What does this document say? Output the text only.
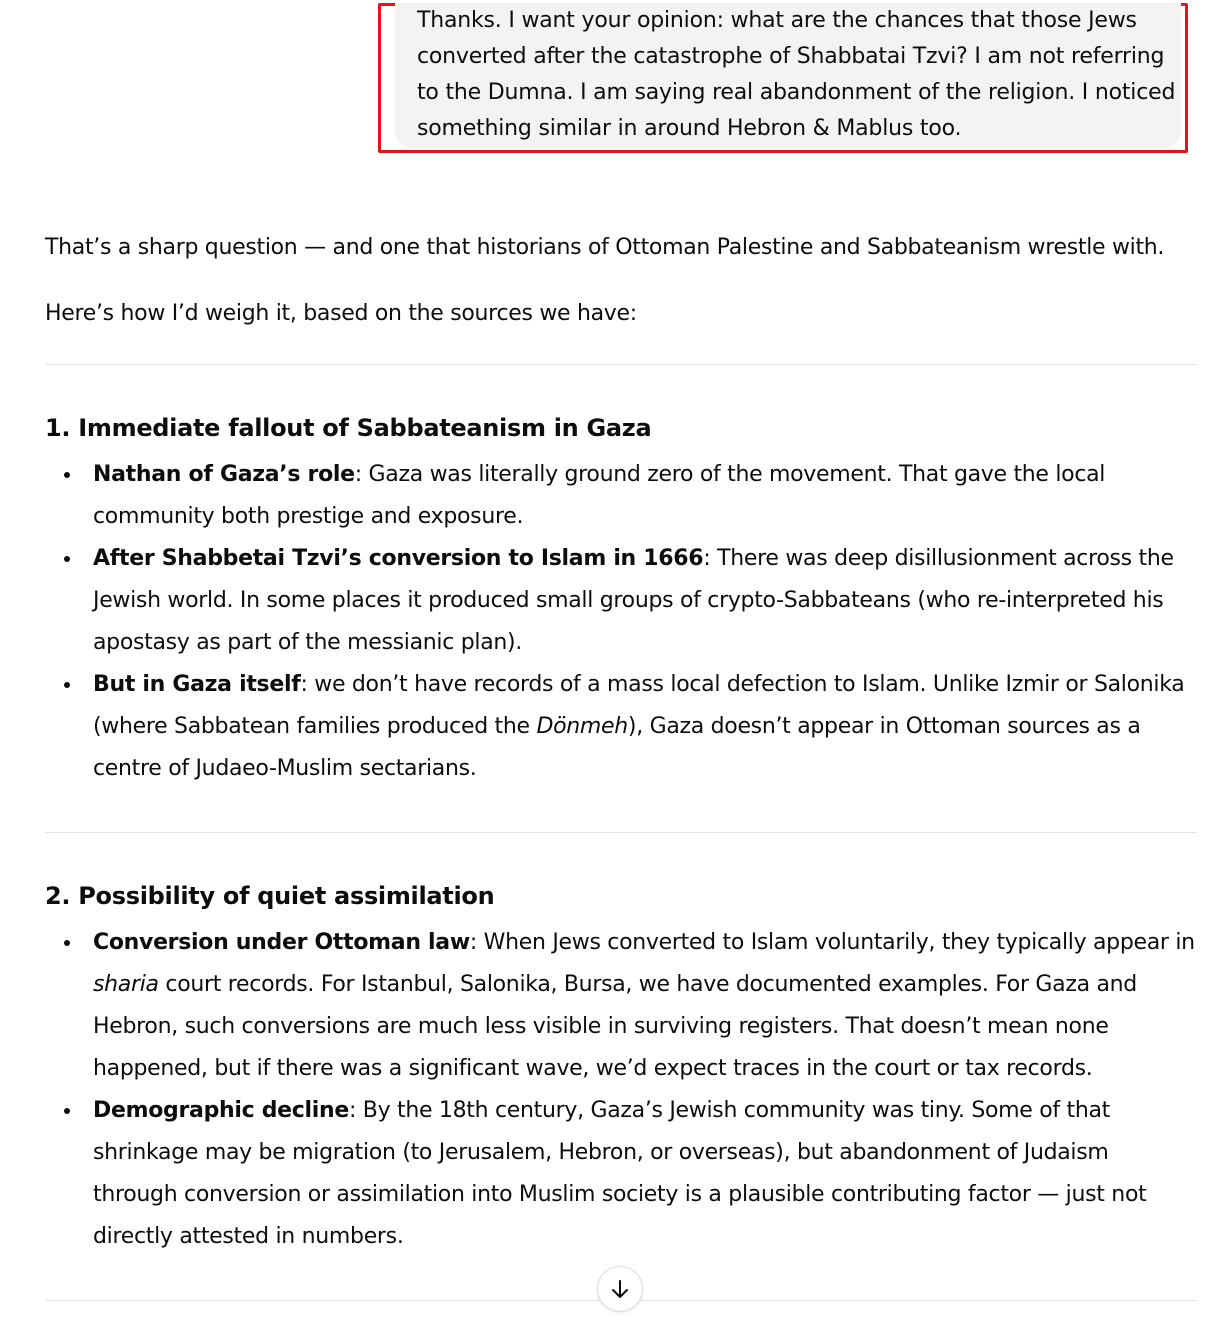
Thanks. I want your opinion: what are the chances that those Jews

converted after the catastrophe of Shabbatai Tzvi? I am not referring

to the Dumna. I am saying real abandonment of the religion. I noticed

something similar in around Hebron & Mablus too.

That’s a sharp question — and one that historians of Ottoman Palestine and Sabbateanism wrestle with.

Here’s how I’d weigh it, based on the sources we have:

1. Immediate fallout of Sabbateanism in Gaza
Nathan of Gaza’s role: Gaza was literally ground zero of the movement. That gave the local
community both prestige and exposure.
After Shabbetai Tzvi’s conversion to Islam in 1666: There was deep disillusionment across the
Jewish world. In some places it produced small groups of crypto-Sabbateans (who re-interpreted his
apostasy as part of the messianic plan).
But in Gaza itself: we don’t have records of a mass local defection to Islam. Unlike Izmir or Salonika
(where Sabbatean families produced the Dönmeh), Gaza doesn’t appear in Ottoman sources as a
centre of Judaeo-Muslim sectarians.
2. Possibility of quiet assimilation
Conversion under Ottoman law: When Jews converted to Islam voluntarily, they typically appear in
sharia court records. For Istanbul, Salonika, Bursa, we have documented examples. For Gaza and
Hebron, such conversions are much less visible in surviving registers. That doesn’t mean none
happened, but if there was a significant wave, we’d expect traces in the court or tax records.
Demographic decline: By the 18th century, Gaza’s Jewish community was tiny. Some of that
shrinkage may be migration (to Jerusalem, Hebron, or overseas), but abandonment of Judaism
through conversion or assimilation into Muslim society is a plausible contributing factor — just not
directly attested in numbers.
